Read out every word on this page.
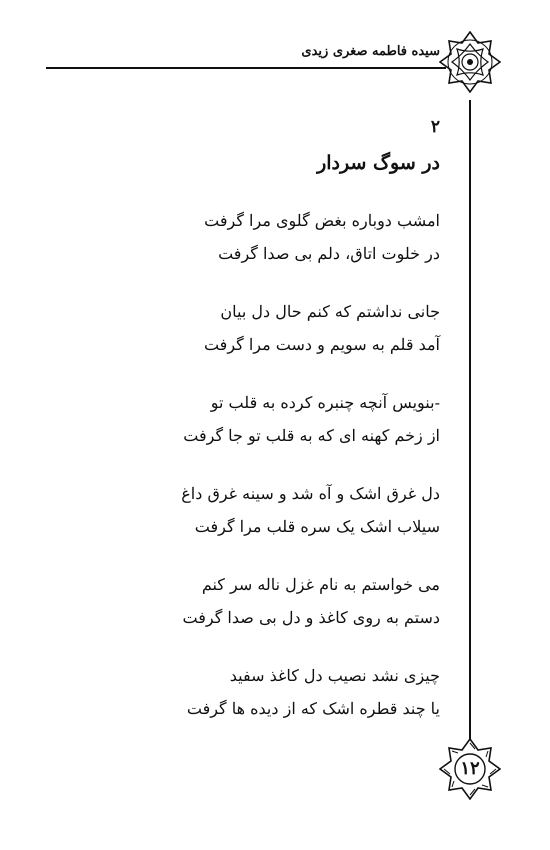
سیده فاطمه صغری زیدی
۱۲
۲
در سوگ سردار
امشب دوباره بغض گلوی مرا گرفت
در خلوت اتاق، دلم بی صدا گرفت
جانی نداشتم که کنم حال دل بیان
آمد قلم به سویم و دست مرا گرفت
-بنویس آنچه چنبره کرده به قلب تو
از زخم کهنه ای که به قلب تو جا گرفت
دل غرق اشک و آه شد و سینه غرق داغ
سیلاب اشک یک سره قلب مرا گرفت
می خواستم به نام غزل ناله سر کنم
دستم به روی کاغذ و دل بی صدا گرفت
چیزی نشد نصیب دل کاغذ سفید
یا چند قطره اشک که از دیده ها گرفت
